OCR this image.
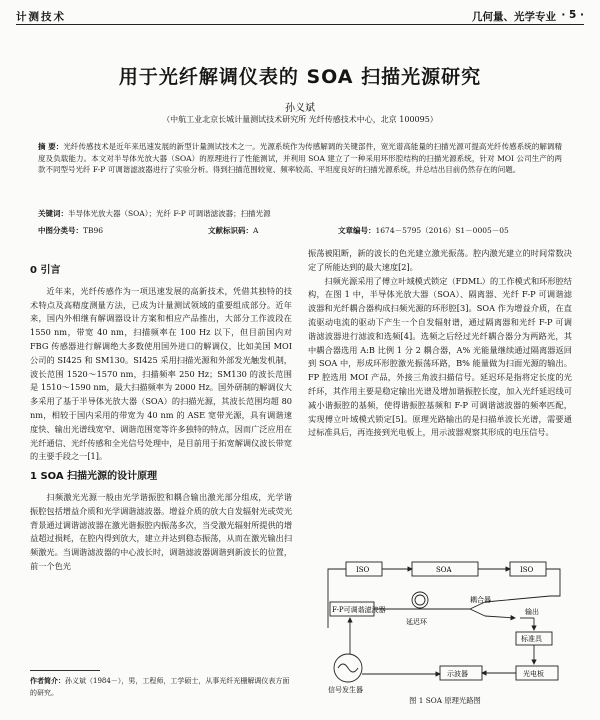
计测技术	几何量、光学专业 · 5 ·
用于光纤解调仪表的 SOA 扫描光源研究
孙义斌
（中航工业北京长城计量测试技术研究所 光纤传感技术中心，北京 100095）
摘 要：光纤传感技术是近年来迅速发展的新型计量测试技术之一。光源系统作为传感解调的关键部件，宽光谱高能量的扫描光源可提高光纤传感系统的解调精度及负载能力。本文对半导体光放大器（SOA）的原理进行了性能测试，并利用 SOA 建立了一种采用环形腔结构的扫描光源系统，针对 MOI 公司生产的两款不同型号光纤 F-P 可调谐滤波器进行了实验分析。得到扫描范围较宽、频率较高、平坦度良好的扫描光源系统，并总结出目前仍然存在的问题。
关键词：半导体光放大器（SOA）；光纤 F-P 可调谐滤波器；扫描光源
中图分类号：TB96	文献标识码：A	文章编号：1674－5795（2016）S1－0005－05
0 引言

近年来，光纤传感作为一项迅速发展的高新技术，凭借其独特的技术特点及高精度测量方法，已成为计量测试领域的重要组成部分。近年来，国内外相继有解调器设计方案和相应产品推出，大部分工作波段在 1550 nm，带宽 40 nm，扫描频率在 100 Hz 以下，但目前国内对 FBG 传感器进行解调绝大多数使用国外进口的解调仪，比如美国 MOI 公司的 SI425 和 SM130。SI425 采用扫描光源和外部发光触发机制，波长范围 1520～1570 nm，扫描频率 250 Hz；SM130 的波长范围是 1510～1590 nm，最大扫描频率为 2000 Hz。国外研制的解调仪大多采用了基于半导体光放大器（SOA）的扫描光源，其波长范围均超 80 nm，相较于国内采用的带宽为 40 nm 的 ASE 宽带光源，具有调谐速度快、输出光谱线宽窄、调谐范围宽等许多独特的特点，因而广泛应用在光纤通信、光纤传感和全光信号处理中，是目前用于拓宽解调仪波长带宽的主要手段之一[1]。

1 SOA 扫描光源的设计原理

扫频激光光源一般由光学谐振腔和耦合输出激光部分组成，光学谐振腔包括增益介质和光学调谐滤波器。增益介质的放大自发辐射光或荧光背景通过调谐滤波器在激光谐振腔内振荡多次，当受激光辐射所提供的增益超过损耗，在腔内得到放大，建立并达到稳态振荡，从而在激光输出扫频激光。当调谐滤波器的中心波长时，调谐滤波器调谐到新波长的位置，前一个色光

作者简介：孙义斌（1984－），男，工程师，工学硕士，从事光纤光栅解调仪表方面的研究。

振荡被阻断，新的波长的色光建立激光振荡。腔内激光建立的时间常数决定了所能达到的最大速度[2]。

扫频光源采用了傅立叶域模式锁定（FDML）的工作模式和环形腔结构，在图 1 中，半导体光放大器（SOA）、隔离器、光纤 F-P 可调谐滤波器和光纤耦合器构成扫频光源的环形腔[3]。SOA 作为增益介质，在直流驱动电流的驱动下产生一个自发辐射谱，通过隔离器和光纤 F-P 可调谐滤波器进行滤波和选频[4]。选频之后经过光纤耦合器分为两路光，其中耦合器选用 A:B 比例 1 分 2 耦合器，A% 光能量继续通过隔离器返回到 SOA 中，形成环形腔激光振荡环路，B% 能量做为扫面光源的输出。FP 腔选用 MOI 产品，外接三角波扫描信号。延迟环是指将定长度的光纤环，其作用主要是稳定输出光谱及增加谐振腔长度，加入光纤延迟线可减小谐振腔的基频，使得谐振腔基频和 F-P 可调谐滤波器的频率匹配，实现傅立叶域模式锁定[5]。原理光路输出的是扫描单波长光谱，需要通过标准具后，再连接到光电板上，用示波器观察其形成的电压信号。

ISO	SOA	ISO
F-P可调谐滤波器
耦合器
输出
标准具
延迟环
信号发生器
示波器	光电板
图 1 SOA 原理光路图
